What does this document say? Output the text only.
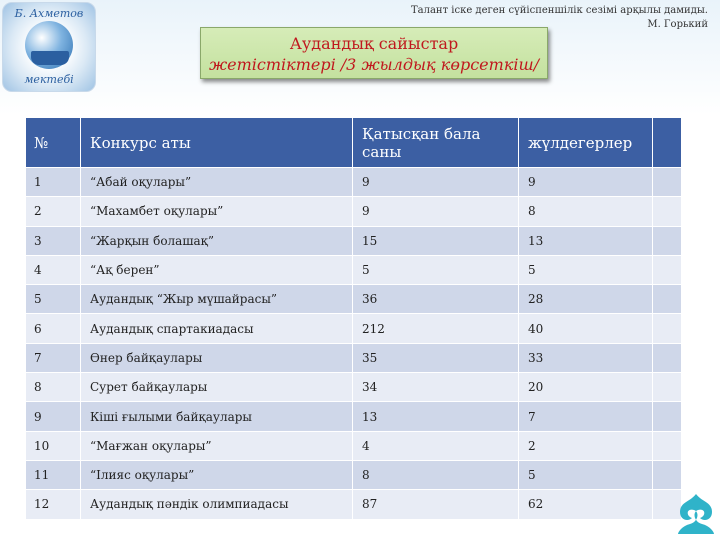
Б. Ахметов
мектебі
Талант іске деген сүйіспеншілік сезімі арқылы дамиды.
М. Горький
Аудандық сайыстар
жетістіктері /3 жылдық көрсеткіш/
№	Конкурс аты	Қатысқан бала саны	жүлдегерлер	
1	“Абай оқулары”	9	9	
2	“Махамбет оқулары”	9	8	
3	“Жарқын болашақ”	15	13	
4	“Ақ берен”	5	5	
5	Аудандық “Жыр мүшайрасы”	36	28	
6	Аудандық спартакиадасы	212	40	
7	Өнер байқаулары	35	33	
8	Сурет байқаулары	34	20	
9	Кіші ғылыми байқаулары	13	7	
10	“Мағжан оқулары”	4	2	
11	“Ілияс оқулары”	8	5	
12	Аудандық пәндік олимпиадасы	87	62	
